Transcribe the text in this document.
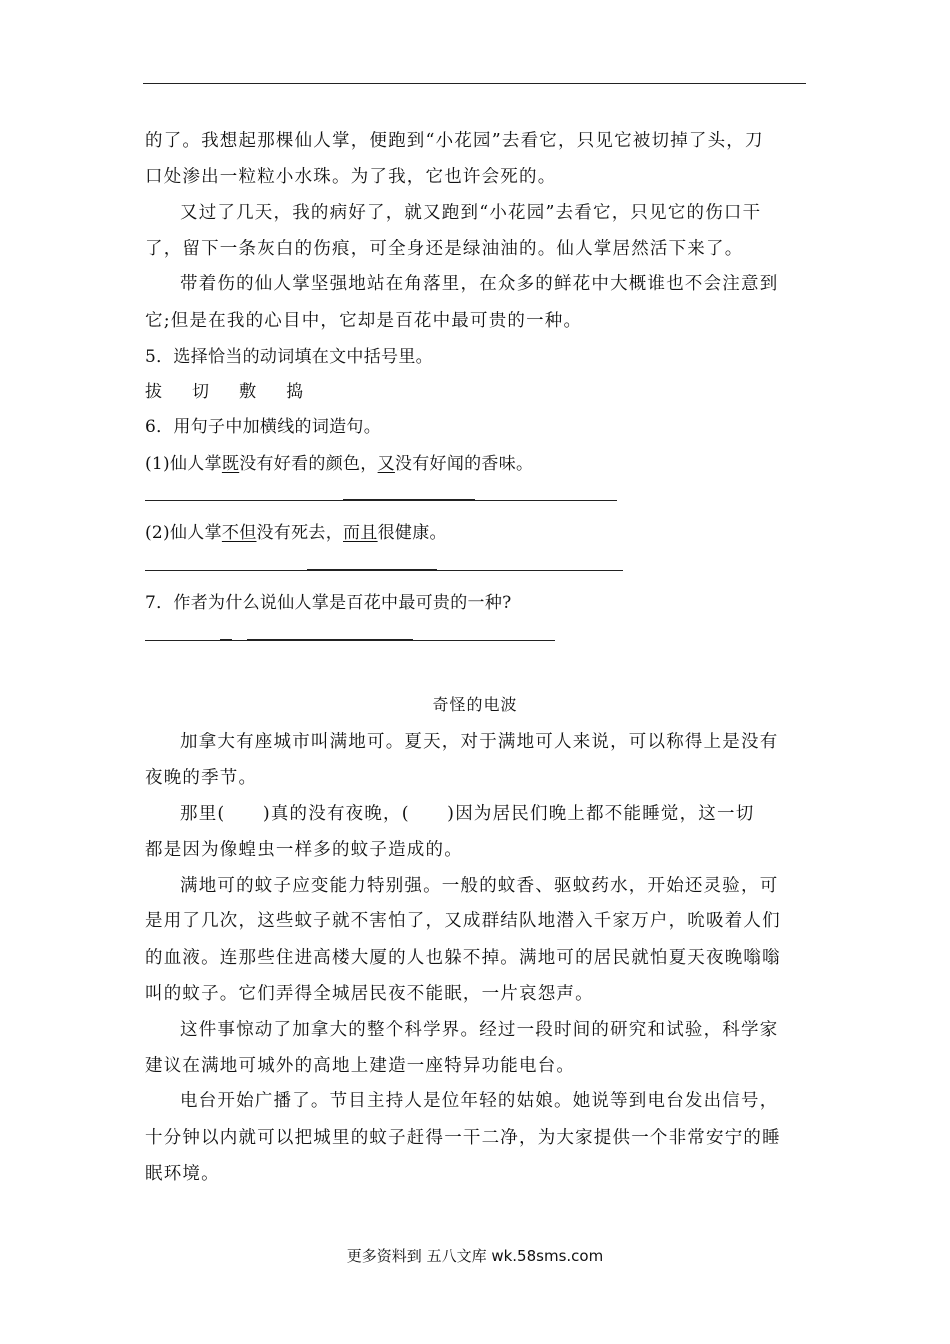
的了。我想起那棵仙人掌，便跑到“小花园”去看它，只见它被切掉了头，刀
口处渗出一粒粒小水珠。为了我，它也许会死的。
又过了几天，我的病好了，就又跑到“小花园”去看它，只见它的伤口干
了，留下一条灰白的伤痕，可全身还是绿油油的。仙人掌居然活下来了。
带着伤的仙人掌坚强地站在角落里，在众多的鲜花中大概谁也不会注意到
它;但是在我的心目中，它却是百花中最可贵的一种。
5．选择恰当的动词填在文中括号里。
拔 切 敷 捣
6．用句子中加横线的词造句。
(1)仙人掌既没有好看的颜色，又没有好闻的香味。
(2)仙人掌不但没有死去，而且很健康。
7．作者为什么说仙人掌是百花中最可贵的一种?
奇怪的电波
加拿大有座城市叫满地可。夏天，对于满地可人来说，可以称得上是没有
夜晚的季节。
那里(　　)真的没有夜晚，(　　)因为居民们晚上都不能睡觉，这一切
都是因为像蝗虫一样多的蚊子造成的。
满地可的蚊子应变能力特别强。一般的蚊香、驱蚊药水，开始还灵验，可
是用了几次，这些蚊子就不害怕了，又成群结队地潜入千家万户，吮吸着人们
的血液。连那些住进高楼大厦的人也躲不掉。满地可的居民就怕夏天夜晚嗡嗡
叫的蚊子。它们弄得全城居民夜不能眠，一片哀怨声。
这件事惊动了加拿大的整个科学界。经过一段时间的研究和试验，科学家
建议在满地可城外的高地上建造一座特异功能电台。
电台开始广播了。节目主持人是位年轻的姑娘。她说等到电台发出信号，
十分钟以内就可以把城里的蚊子赶得一干二净，为大家提供一个非常安宁的睡
眠环境。
更多资料到 五八文库 wk.58sms.com
